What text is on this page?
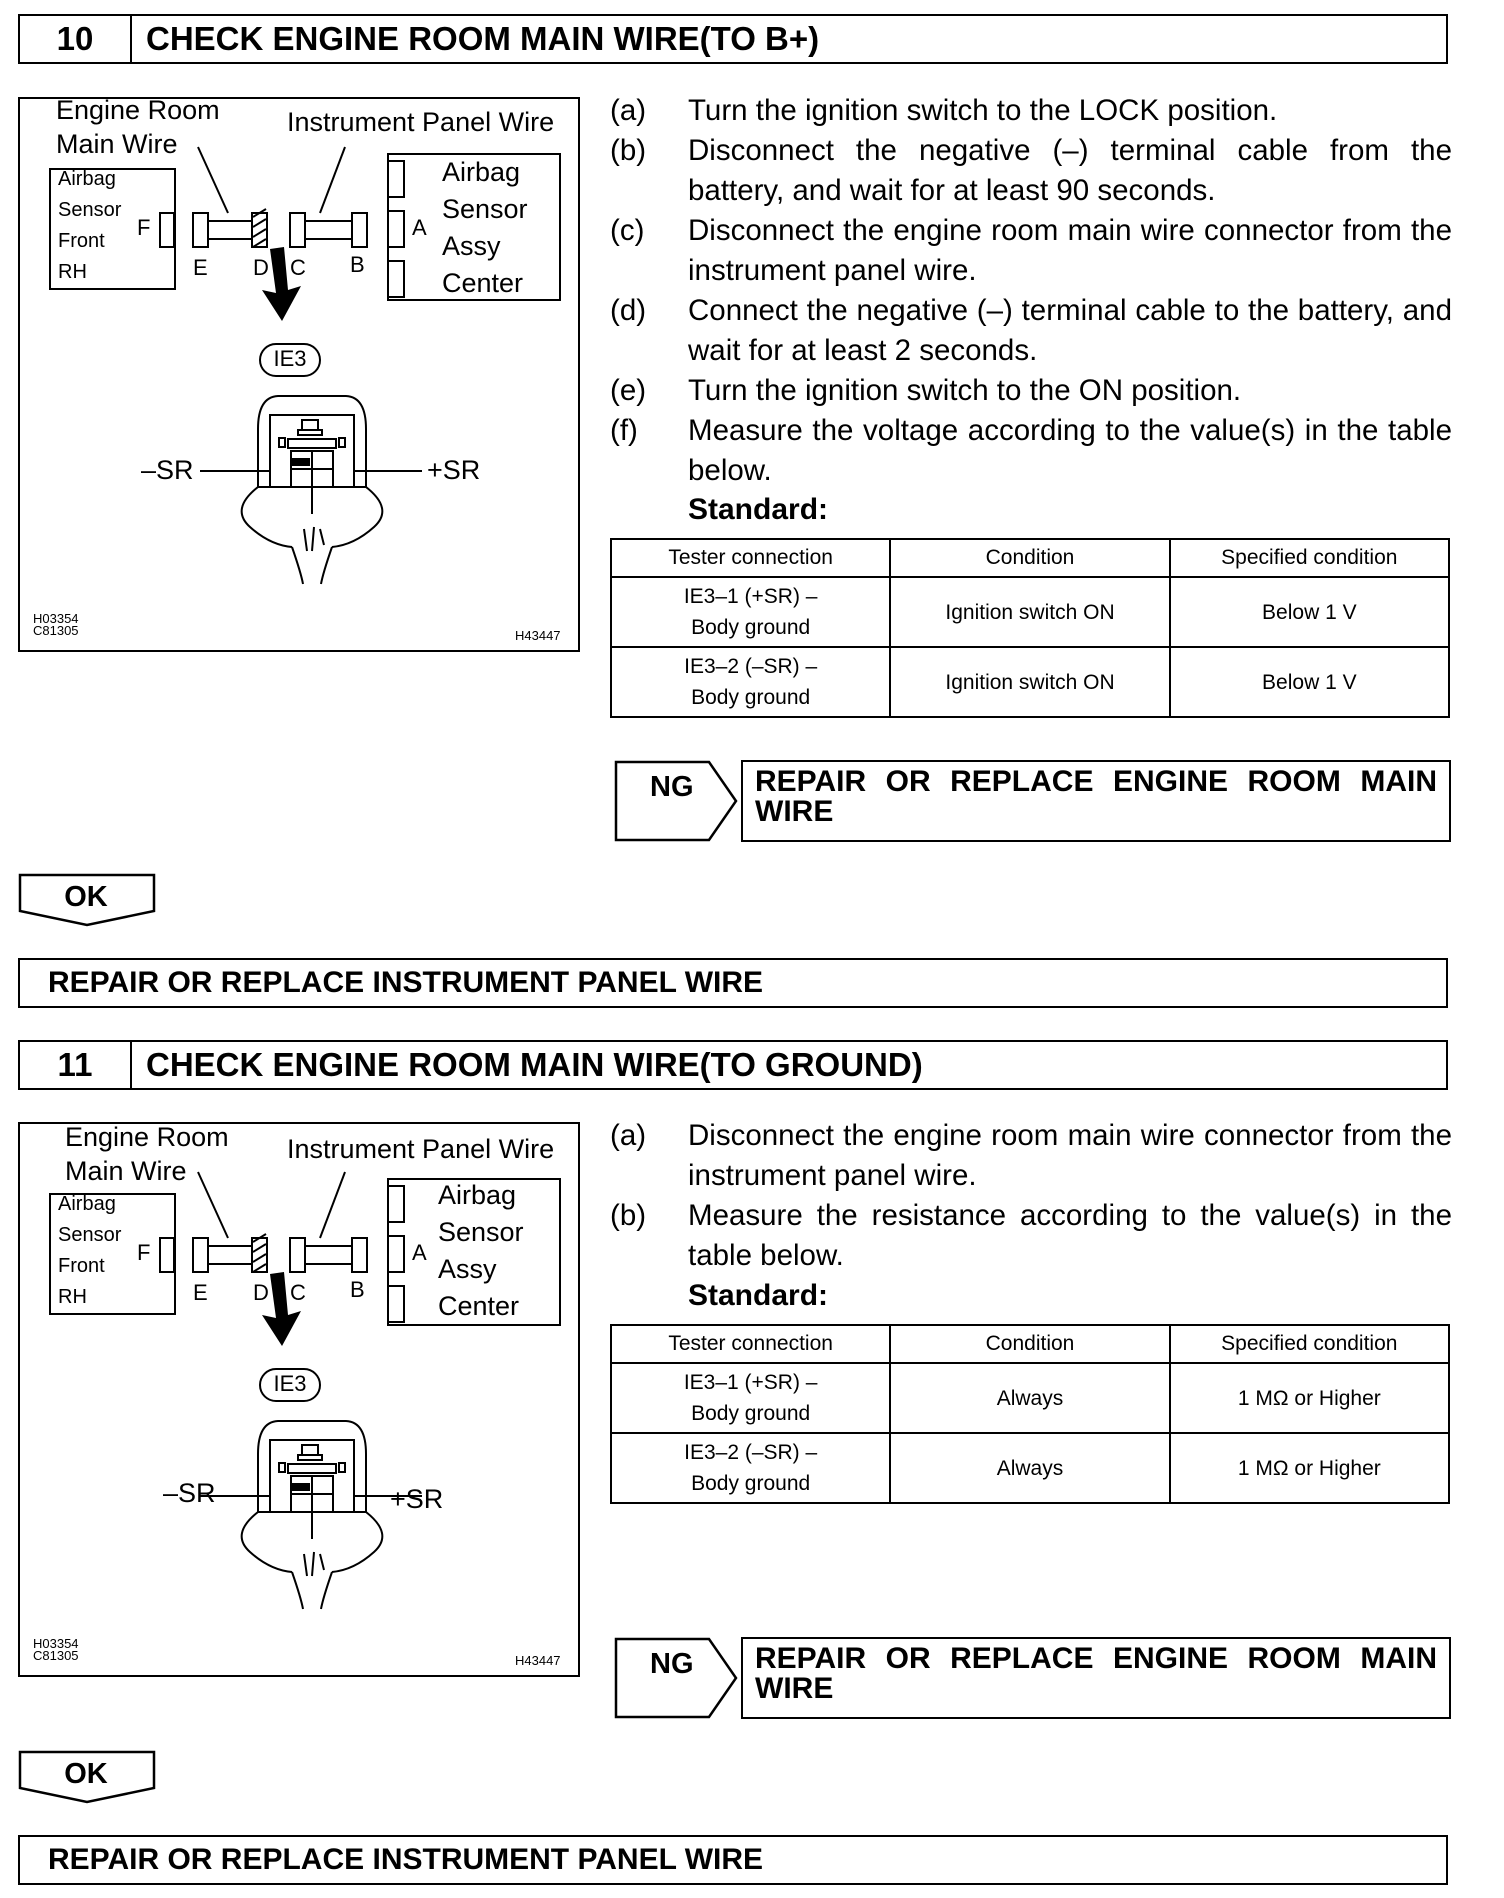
10	CHECK ENGINE ROOM MAIN WIRE(TO B+)
Engine Room
Main Wire
Instrument Panel Wire
Airbag
Sensor
Front
RH
F
E D C B
A
Airbag
Sensor
Assy
Center
IE3
–SR	+SR
H03354
C81305	H43447
(a)	Turn the ignition switch to the LOCK position.
(b)	Disconnect the negative (–) terminal cable from the battery, and wait for at least 90 seconds.
(c)	Disconnect the engine room main wire connector from the instrument panel wire.
(d)	Connect the negative (–) terminal cable to the battery, and wait for at least 2 seconds.
(e)	Turn the ignition switch to the ON position.
(f)	Measure the voltage according to the value(s) in the table below.
Standard:
Tester connection	Condition	Specified condition
IE3–1 (+SR) –
Body ground	Ignition switch ON	Below 1 V
IE3–2 (–SR) –
Body ground	Ignition switch ON	Below 1 V
NG REPAIR OR REPLACE ENGINE ROOM MAIN
WIRE
OK
REPAIR OR REPLACE INSTRUMENT PANEL WIRE
11	CHECK ENGINE ROOM MAIN WIRE(TO GROUND)
Engine Room
Main Wire
Instrument Panel Wire
Airbag
Sensor
Front
RH
F
E D C B
A
Airbag
Sensor
Assy
Center
IE3
–SR	+SR
H03354
C81305	H43447
(a)	Disconnect the engine room main wire connector from the instrument panel wire.
(b)	Measure the resistance according to the value(s) in the table below.
Standard:
Tester connection	Condition	Specified condition
IE3–1 (+SR) –
Body ground	Always	1 MΩ or Higher
IE3–2 (–SR) –
Body ground	Always	1 MΩ or Higher
NG REPAIR OR REPLACE ENGINE ROOM MAIN
WIRE
OK
REPAIR OR REPLACE INSTRUMENT PANEL WIRE
